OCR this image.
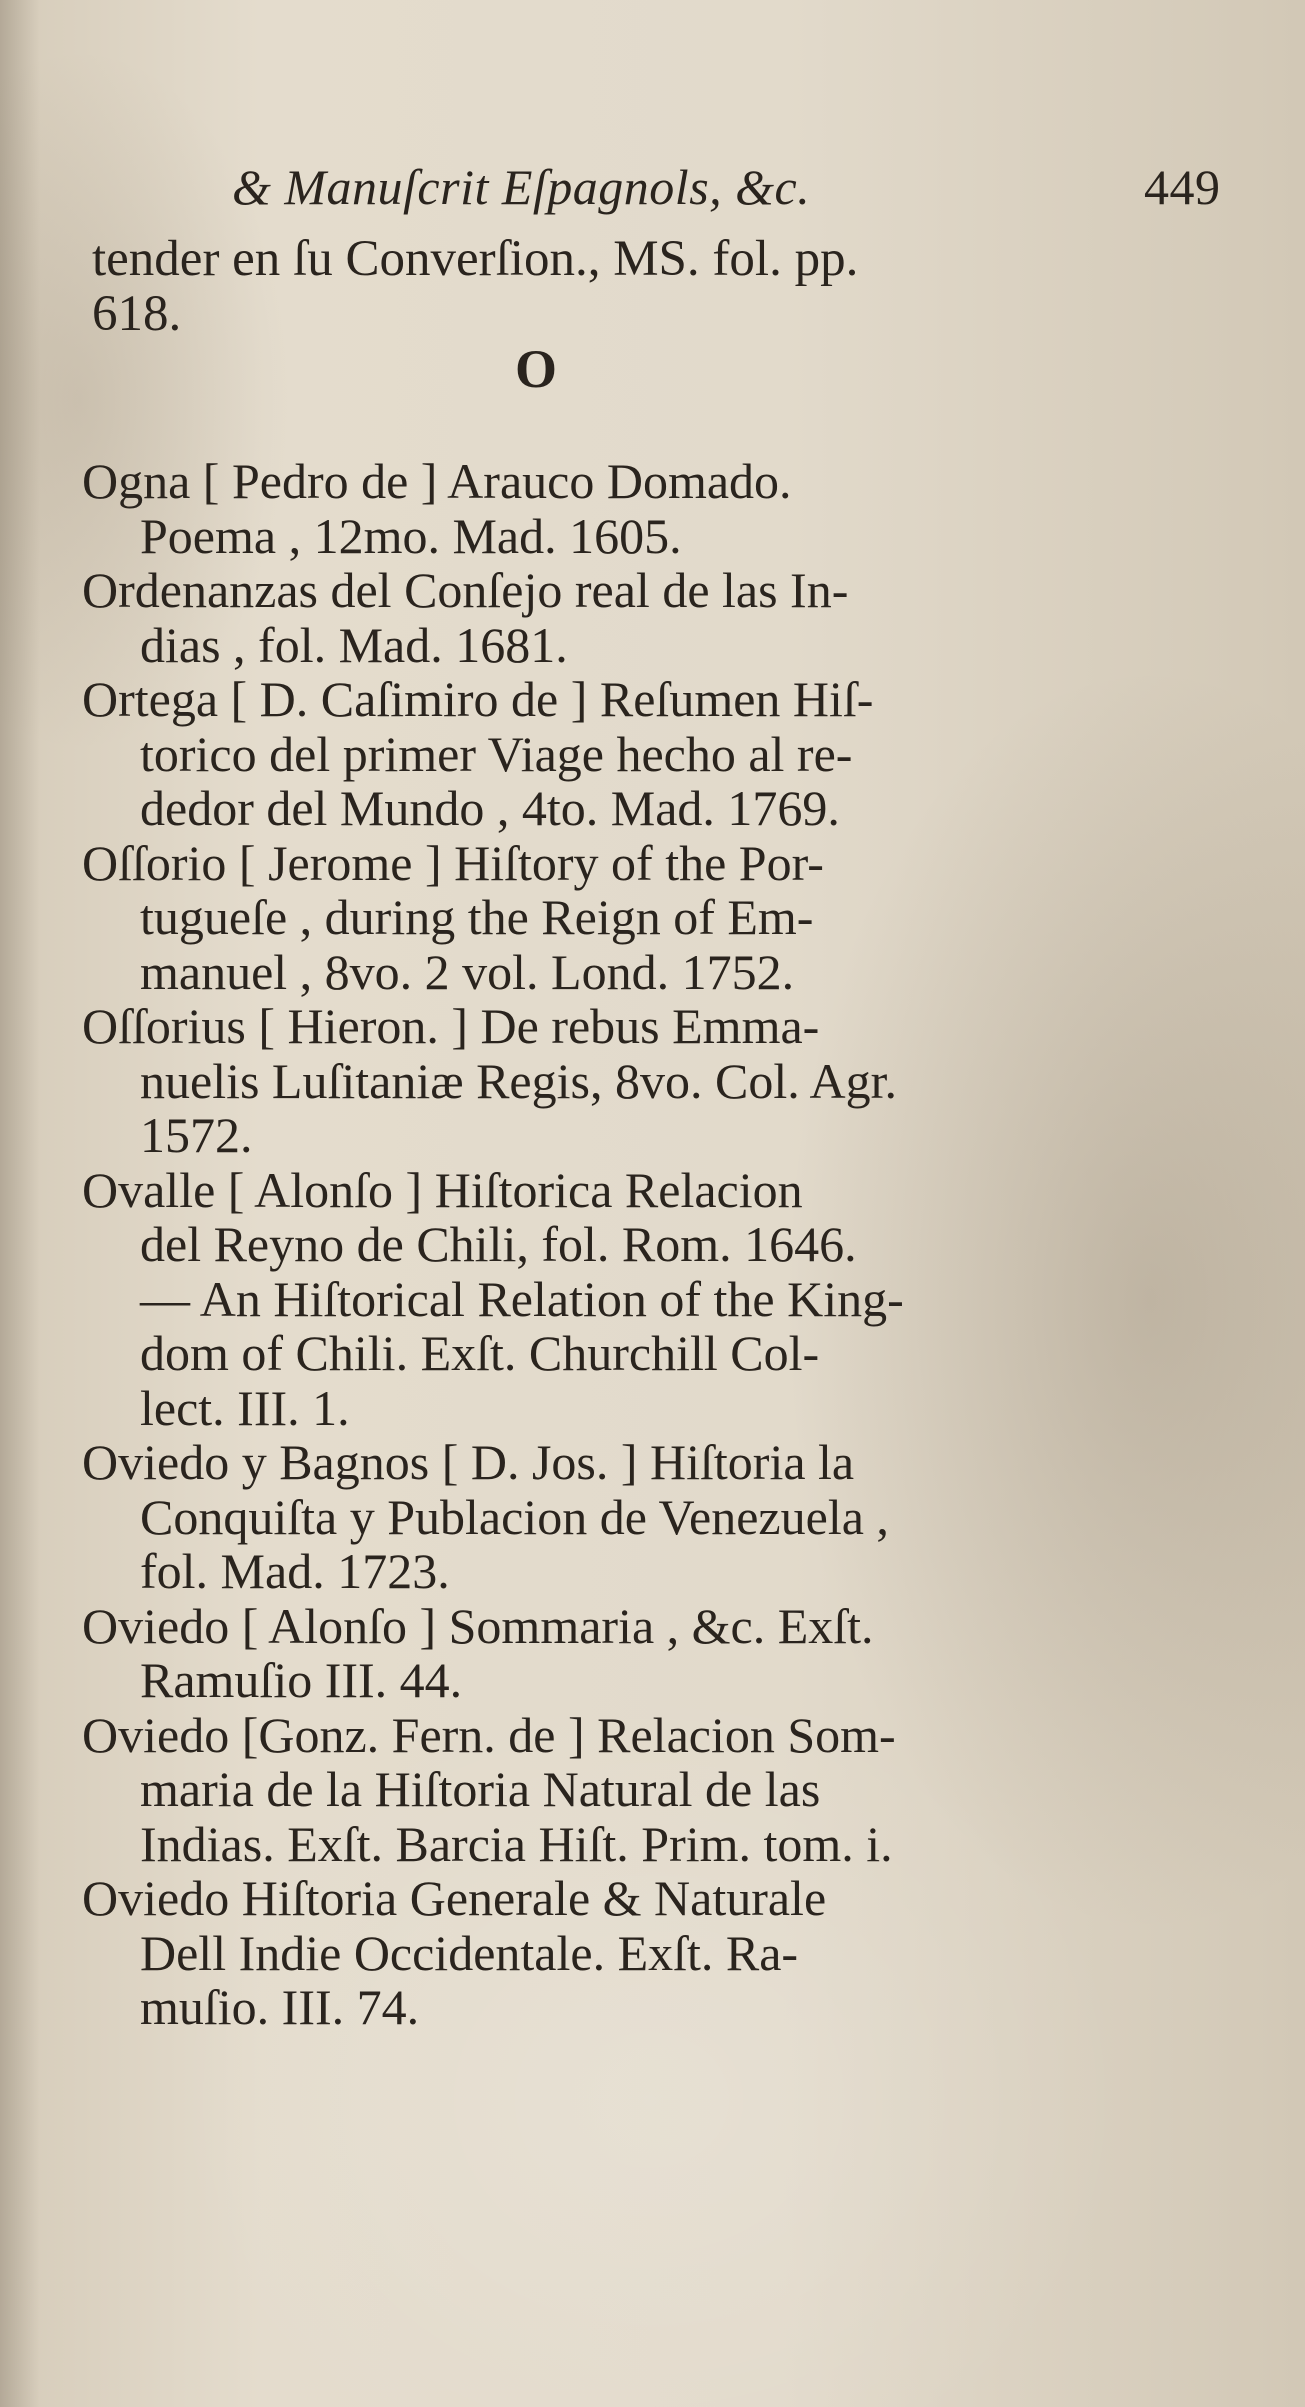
& Manuſcrit Eſpagnols, &c.	449
tender en ſu Converſion., MS. fol. pp.
618.
O
Ogna [ Pedro de ] Arauco Domado.
Poema , 12mo. Mad. 1605.
Ordenanzas del Conſejo real de las In-
dias , fol. Mad. 1681.
Ortega [ D. Caſimiro de ] Reſumen Hiſ-
torico del primer Viage hecho al re-
dedor del Mundo , 4to. Mad. 1769.
Oſſorio [ Jerome ] Hiſtory of the Por-
tugueſe , during the Reign of Em-
manuel , 8vo. 2 vol. Lond. 1752.
Oſſorius [ Hieron. ] De rebus Emma-
nuelis Luſitaniæ Regis, 8vo. Col. Agr.
1572.
Ovalle [ Alonſo ] Hiſtorica Relacion
del Reyno de Chili, fol. Rom. 1646.
— An Hiſtorical Relation of the King-
dom of Chili. Exſt. Churchill Col-
lect. III. 1.
Oviedo y Bagnos [ D. Jos. ] Hiſtoria la
Conquiſta y Publacion de Venezuela ,
fol. Mad. 1723.
Oviedo [ Alonſo ] Sommaria , &c. Exſt.
Ramuſio III. 44.
Oviedo [Gonz. Fern. de ] Relacion Som-
maria de la Hiſtoria Natural de las
Indias. Exſt. Barcia Hiſt. Prim. tom. i.
Oviedo Hiſtoria Generale & Naturale
Dell Indie Occidentale. Exſt. Ra-
muſio. III. 74.
